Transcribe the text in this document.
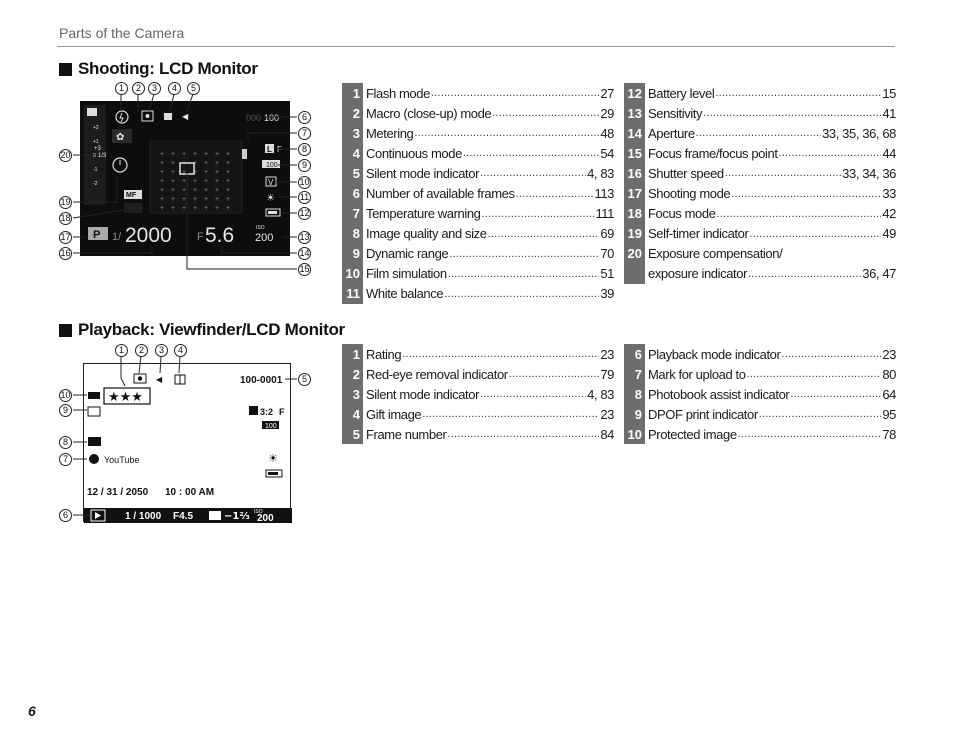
Parts of the Camera
Shooting: LCD Monitor
+2
+1
0
-1
-2
+3
1/3
◀
✿
MF
+ + + + + + +
+ + + + + + +
+ + + + + + +
+ + + + + + +
+ + + + + + +
+ + + + + + +
+ + + + + + +
000 100
L F
100
V
☀
P 1/ 2000 F 5.6	ISO
200
1	2	3	4	5
6
7
8
9
10
11
12
13
14
15
16
17
18
19
20
1 Flash mode .....	27
2 Macro (close-up) mode .....	29
3 Metering .....	48
4 Continuous mode .....	54
5 Silent mode indicator .....	4, 83
6 Number of available frames .....	113
7 Temperature warning .....	111
8 Image quality and size .....	69
9 Dynamic range .....	70
10 Film simulation .....	51
11 White balance .....	39
12 Battery level .....	15
13 Sensitivity .....	41
14 Aperture .....	33, 35, 36, 68
15 Focus frame/focus point .....	44
16 Shutter speed .....	33, 34, 36
17 Shooting mode .....	33
18 Focus mode .....	42
19 Self-timer indicator .....	49
20 Exposure compensation/
exposure indicator .....	36, 47
Playback: Viewfinder/LCD Monitor
★★★
◀	100-0001
YouTube
3:2 F
100
☀
12 / 31 / 2050 10 : 00 AM
1 / 1000 F4.5	−1⅔ ISO
200
1	2	3	4
5
6
7
8
9
10
1 Rating .....	23
2 Red-eye removal indicator .....	79
3 Silent mode indicator .....	4, 83
4 Gift image .....	23
5 Frame number .....	84
6 Playback mode indicator .....	23
7 Mark for upload to .....	80
8 Photobook assist indicator .....	64
9 DPOF print indicator .....	95
10 Protected image .....	78
6
